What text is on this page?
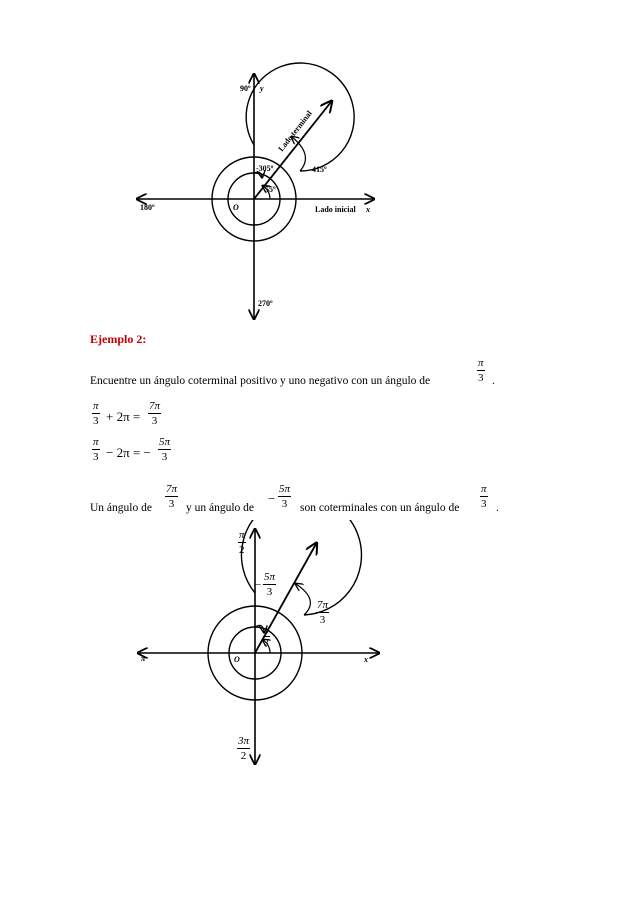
90º y
180º	O	Lado inicial x
270º
Lado terminal
-305º
55º
415º
Ejemplo 2:
Encuentre un ángulo coterminal positivo y uno negativo con un ángulo de
π
3 .
π
3 + 2π =
7π
3
π
3 − 2π = −
5π
3
Un ángulo de
7π
3 y un ángulo de
−
5π
3 son coterminales con un ángulo de
π
3 .
π	O	x
π
2
−
5π
3
7π
3
π
3
3π
2
